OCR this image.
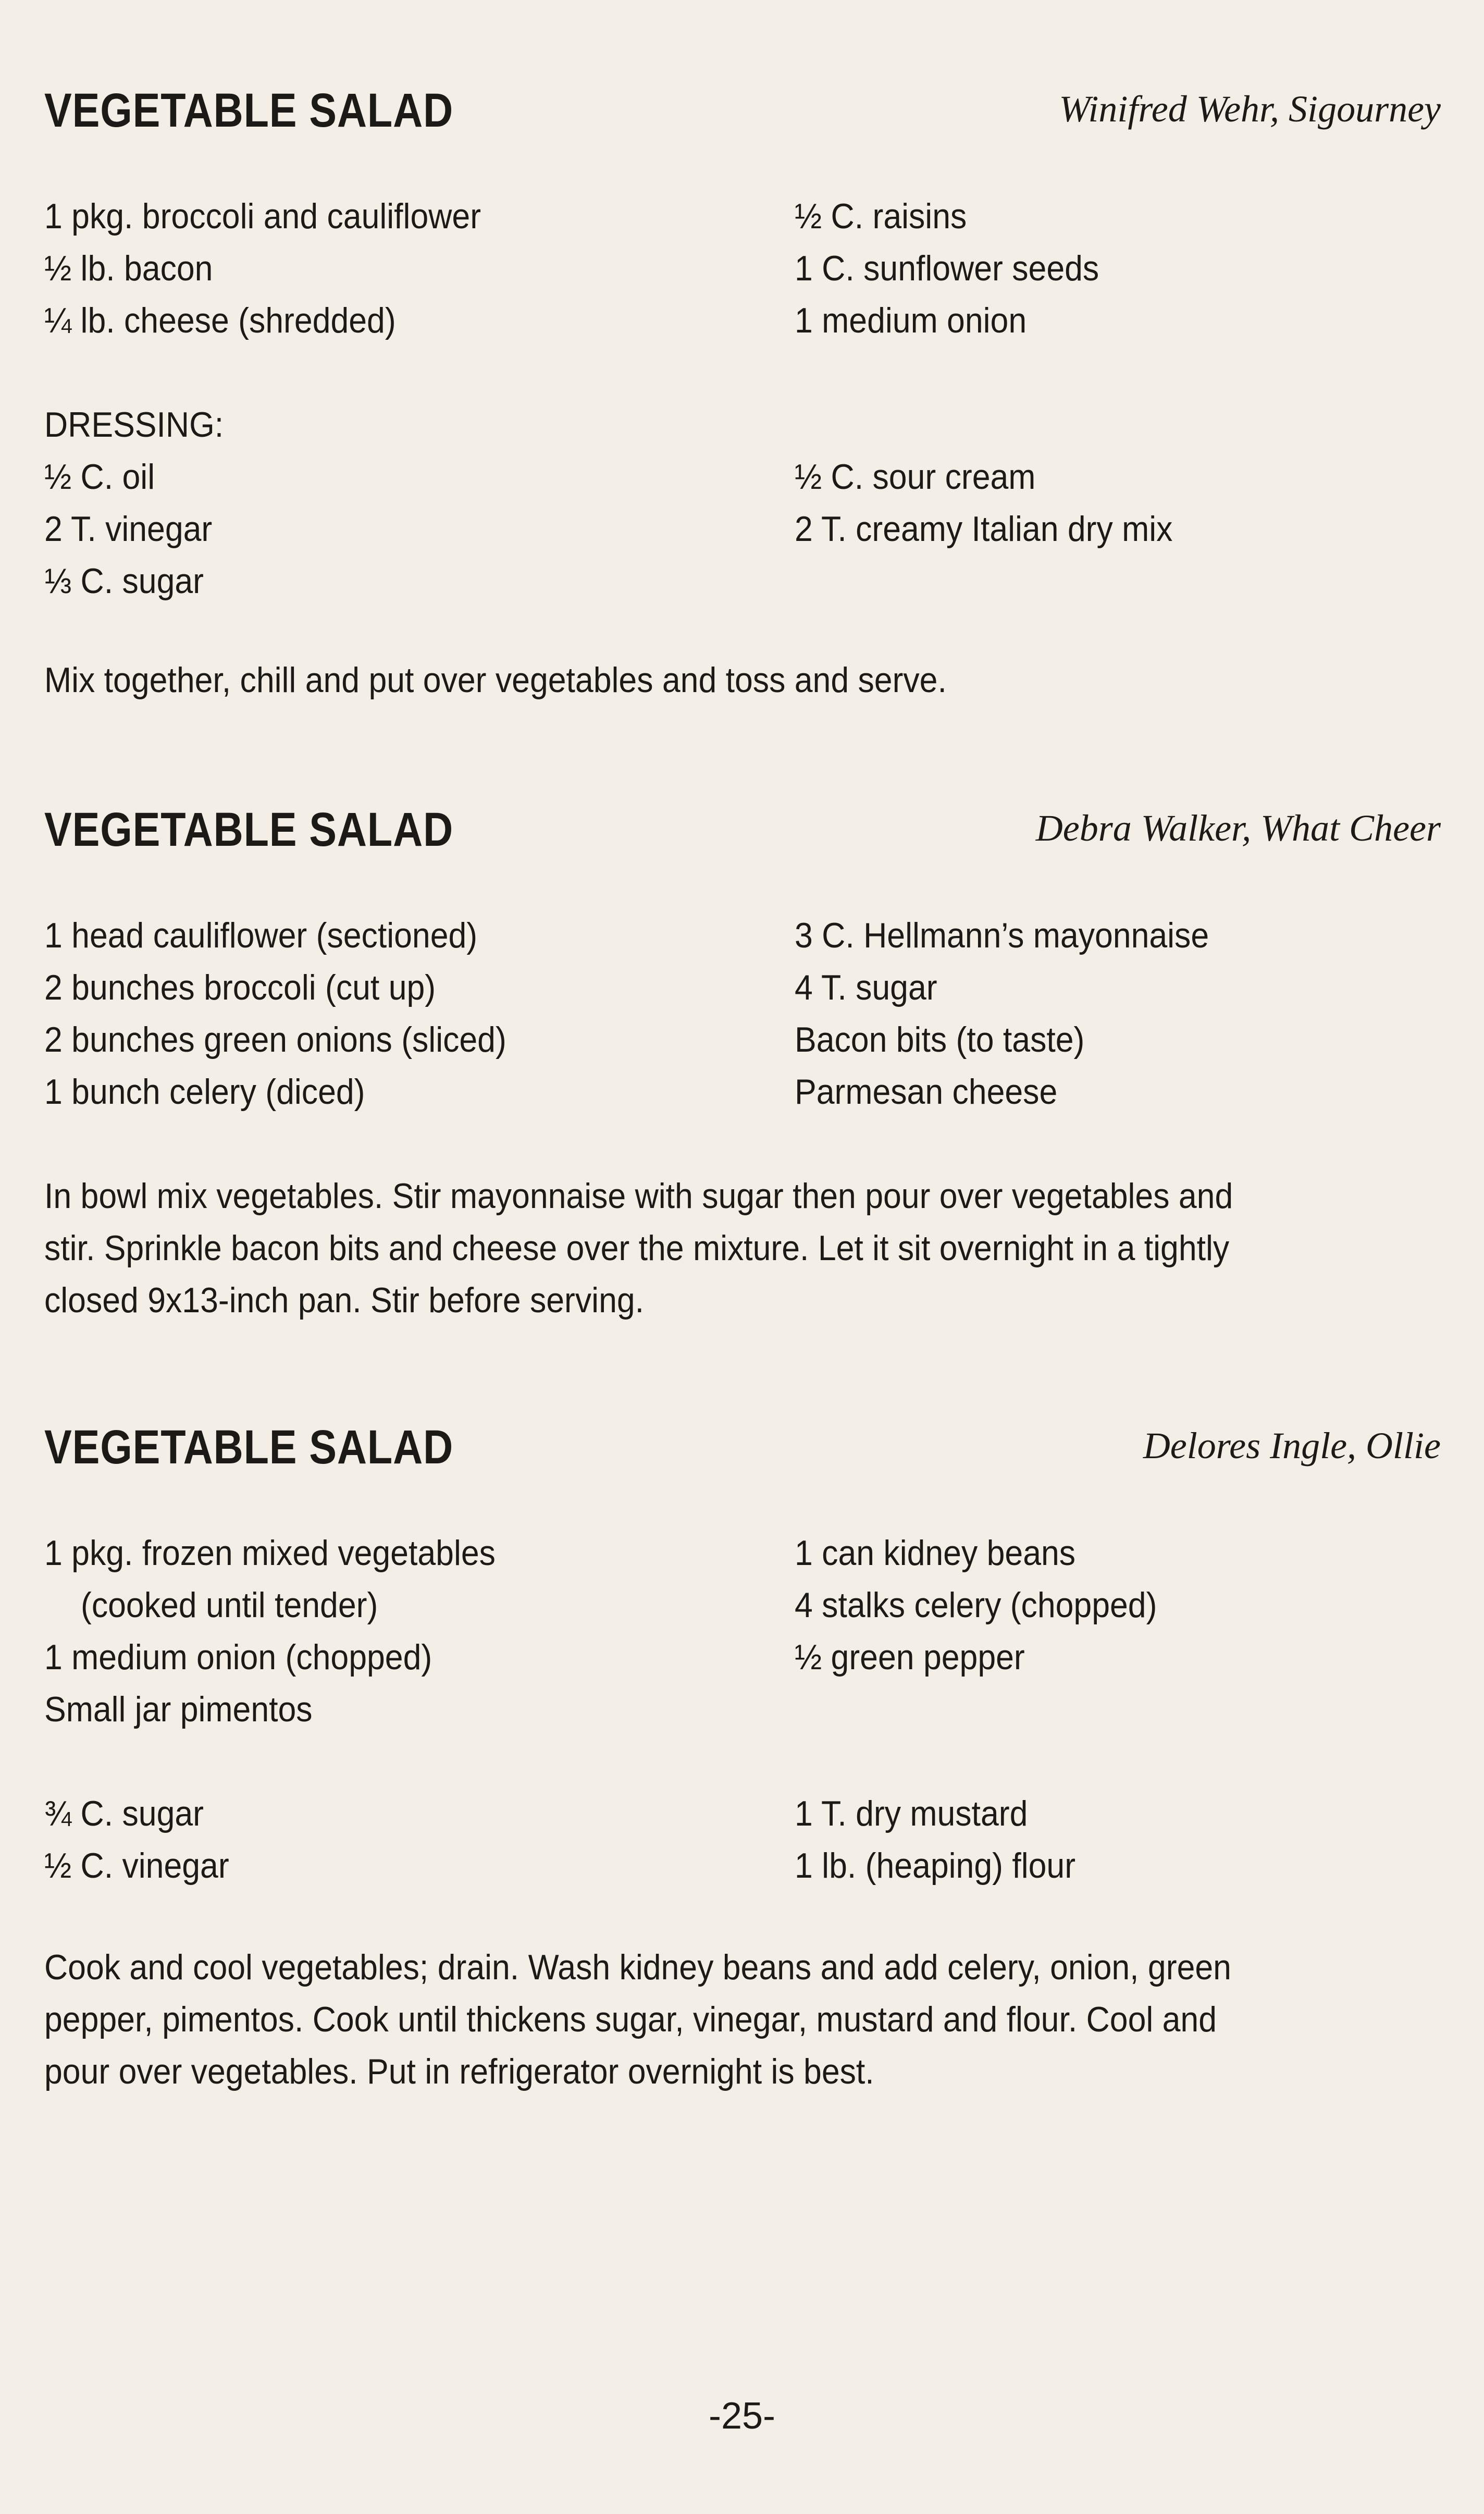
VEGETABLE SALAD	Winifred Wehr, Sigourney
1 pkg. broccoli and cauliflower
½ lb. bacon
¼ lb. cheese (shredded)
½ C. raisins
1 C. sunflower seeds
1 medium onion
DRESSING:
½ C. oil
2 T. vinegar
⅓ C. sugar
½ C. sour cream
2 T. creamy Italian dry mix
Mix together, chill and put over vegetables and toss and serve.
VEGETABLE SALAD	Debra Walker, What Cheer
1 head cauliflower (sectioned)
2 bunches broccoli (cut up)
2 bunches green onions (sliced)
1 bunch celery (diced)
3 C. Hellmann’s mayonnaise
4 T. sugar
Bacon bits (to taste)
Parmesan cheese
In bowl mix vegetables. Stir mayonnaise with sugar then pour over vegetables and
stir. Sprinkle bacon bits and cheese over the mixture. Let it sit overnight in a tightly
closed 9x13-inch pan. Stir before serving.
VEGETABLE SALAD	Delores Ingle, Ollie
1 pkg. frozen mixed vegetables
(cooked until tender)
1 medium onion (chopped)
Small jar pimentos
1 can kidney beans
4 stalks celery (chopped)
½ green pepper
¾ C. sugar
½ C. vinegar
1 T. dry mustard
1 lb. (heaping) flour
Cook and cool vegetables; drain. Wash kidney beans and add celery, onion, green
pepper, pimentos. Cook until thickens sugar, vinegar, mustard and flour. Cool and
pour over vegetables. Put in refrigerator overnight is best.
-25-
